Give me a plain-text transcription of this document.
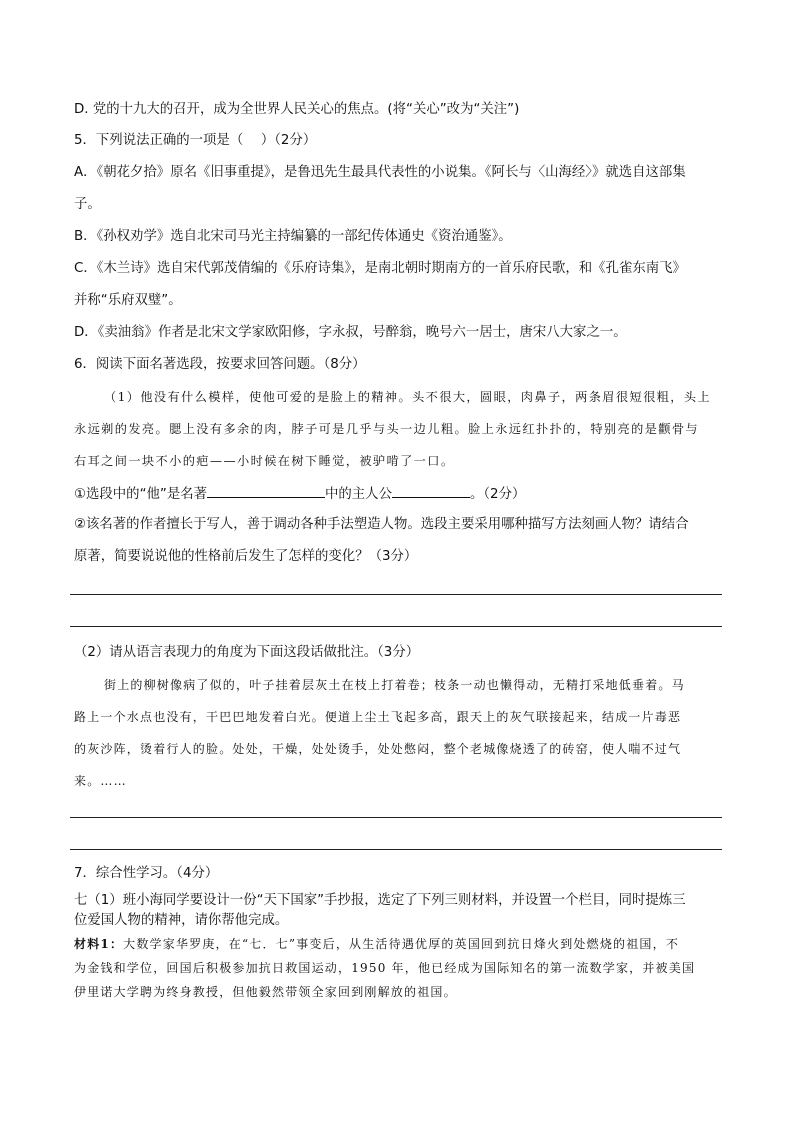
D. 党的十九大的召开，成为全世界人民关心的焦点。(将“关心”改为“关注”)
5．下列说法正确的一项是（　 ）（2分）
A．《朝花夕拾》原名《旧事重提》，是鲁迅先生最具代表性的小说集。《阿长与〈山海经〉》就选自这部集
子。
B．《孙权劝学》选自北宋司马光主持编纂的一部纪传体通史《资治通鉴》。
C．《木兰诗》选自宋代郭茂倩编的《乐府诗集》，是南北朝时期南方的一首乐府民歌，和《孔雀东南飞》
并称“乐府双璧”。
D．《卖油翁》作者是北宋文学家欧阳修，字永叔，号醉翁，晚号六一居士，唐宋八大家之一。
6．阅读下面名著选段，按要求回答问题。（8分）
（1）他没有什么模样，使他可爱的是脸上的精神。头不很大，圆眼，肉鼻子，两条眉很短很粗，头上
永远剃的发亮。腮上没有多余的肉，脖子可是几乎与头一边儿粗。脸上永远红扑扑的，特别亮的是颧骨与
右耳之间一块不小的疤——小时候在树下睡觉，被驴啃了一口。
①选段中的“他”是名著	中的主人公	。（2分）
②该名著的作者擅长于写人，善于调动各种手法塑造人物。选段主要采用哪种描写方法刻画人物？请结合
原著，简要说说他的性格前后发生了怎样的变化？（3分）
（2）请从语言表现力的角度为下面这段话做批注。（3分）
街上的柳树像病了似的，叶子挂着层灰土在枝上打着卷；枝条一动也懒得动，无精打采地低垂着。马
路上一个水点也没有，干巴巴地发着白光。便道上尘土飞起多高，跟天上的灰气联接起来，结成一片毒恶
的灰沙阵，烫着行人的脸。处处，干燥，处处烫手，处处憋闷，整个老城像烧透了的砖窑，使人喘不过气
来。……
7．综合性学习。（4分）
七（1）班小海同学要设计一份“天下国家”手抄报，选定了下列三则材料，并设置一个栏目，同时提炼三
位爱国人物的精神，请你帮他完成。
材料1：大数学家华罗庚，在“七．七”事变后，从生活待遇优厚的英国回到抗日烽火到处燃烧的祖国，不
为金钱和学位，回国后积极参加抗日救国运动，1950 年，他已经成为国际知名的第一流数学家，并被美国
伊里诺大学聘为终身教授，但他毅然带领全家回到刚解放的祖国。
